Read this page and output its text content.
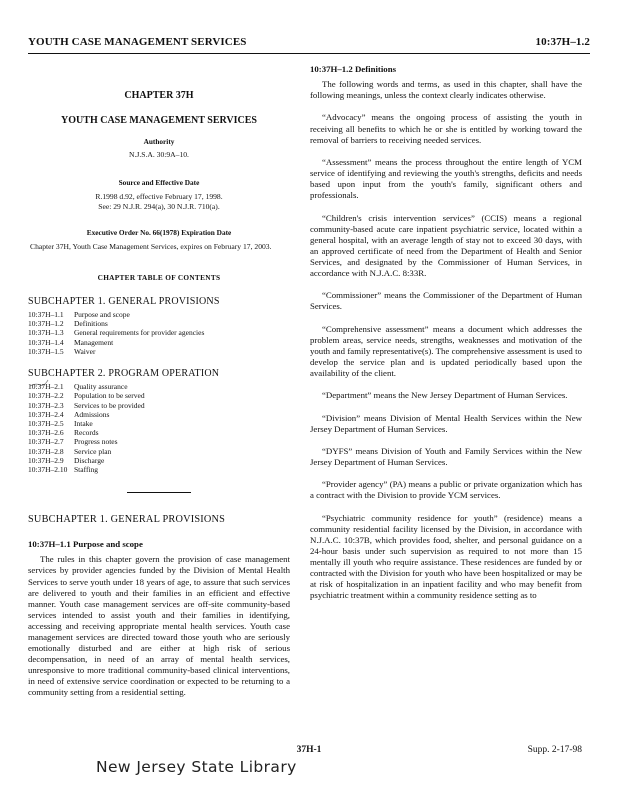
YOUTH CASE MANAGEMENT SERVICES	10:37H–1.2
CHAPTER 37H
YOUTH CASE MANAGEMENT SERVICES
Authority
N.J.S.A. 30:9A–10.
Source and Effective Date
R.1998 d.92, effective February 17, 1998.
See: 29 N.J.R. 294(a), 30 N.J.R. 710(a).
Executive Order No. 66(1978) Expiration Date
Chapter 37H, Youth Case Management Services, expires on February 17, 2003.
CHAPTER TABLE OF CONTENTS
SUBCHAPTER 1. GENERAL PROVISIONS
10:37H–1.1	Purpose and scope
10:37H–1.2	Definitions
10:37H–1.3	General requirements for provider agencies
10:37H–1.4	Management
10:37H–1.5	Waiver
SUBCHAPTER 2. PROGRAM OPERATION
10:37H–2.1	Quality assurance
10:37H–2.2	Population to be served
10:37H–2.3	Services to be provided
10:37H–2.4	Admissions
10:37H–2.5	Intake
10:37H–2.6	Records
10:37H–2.7	Progress notes
10:37H–2.8	Service plan
10:37H–2.9	Discharge
10:37H–2.10 Staffing
SUBCHAPTER 1. GENERAL PROVISIONS
10:37H–1.1 Purpose and scope

The rules in this chapter govern the provision of case management services by provider agencies funded by the Division of Mental Health Services to serve youth under 18 years of age, to assure that such services are delivered to youth and their families in an efficient and effective manner. Youth case management services are off-site community-based services intended to assist youth and their families in identifying, accessing and receiving appropriate mental health services. Youth case management services are directed toward those youth who are seriously emotionally disturbed and are either at high risk of serious decompensation, in need of an array of mental health services, unresponsive to more traditional community-based clinical interventions, in need of extensive service coordination or expected to be returning to a community setting from a residential setting.

10:37H–1.2 Definitions

The following words and terms, as used in this chapter, shall have the following meanings, unless the context clearly indicates otherwise.

“Advocacy” means the ongoing process of assisting the youth in receiving all benefits to which he or she is entitled by working toward the removal of barriers to receiving needed services.

“Assessment” means the process throughout the entire length of YCM service of identifying and reviewing the youth's strengths, deficits and needs based upon input from the youth's family, significant others and professionals.

“Children's crisis intervention services” (CCIS) means a regional community-based acute care inpatient psychiatric service, located within a general hospital, with an average length of stay not to exceed 30 days, with an approved certificate of need from the Department of Health and Senior Services, and designated by the Commissioner of Human Services, in accordance with N.J.A.C. 8:33R.

“Commissioner” means the Commissioner of the Department of Human Services.

“Comprehensive assessment” means a document which addresses the problem areas, service needs, strengths, weaknesses and motivation of the youth and family representative(s). The comprehensive assessment is used to develop the service plan and is updated periodically based upon the availability of the client.

“Department” means the New Jersey Department of Human Services.

“Division” means Division of Mental Health Services within the New Jersey Department of Human Services.

“DYFS” means Division of Youth and Family Services within the New Jersey Department of Human Services.

“Provider agency” (PA) means a public or private organization which has a contract with the Division to provide YCM services.

“Psychiatric community residence for youth” (residence) means a community residential facility licensed by the Division, in accordance with N.J.A.C. 10:37B, which provides food, shelter, and personal guidance on a 24-hour basis under such supervision as required to not more than 15 mentally ill youth who require assistance. These residences are funded by or contracted with the Division for youth who have been hospitalized or may be at risk of hospitalization in an inpatient facility and who may benefit from psychiatric treatment within a community residence setting as to

37H-1	Supp. 2-17-98
New Jersey State Library
